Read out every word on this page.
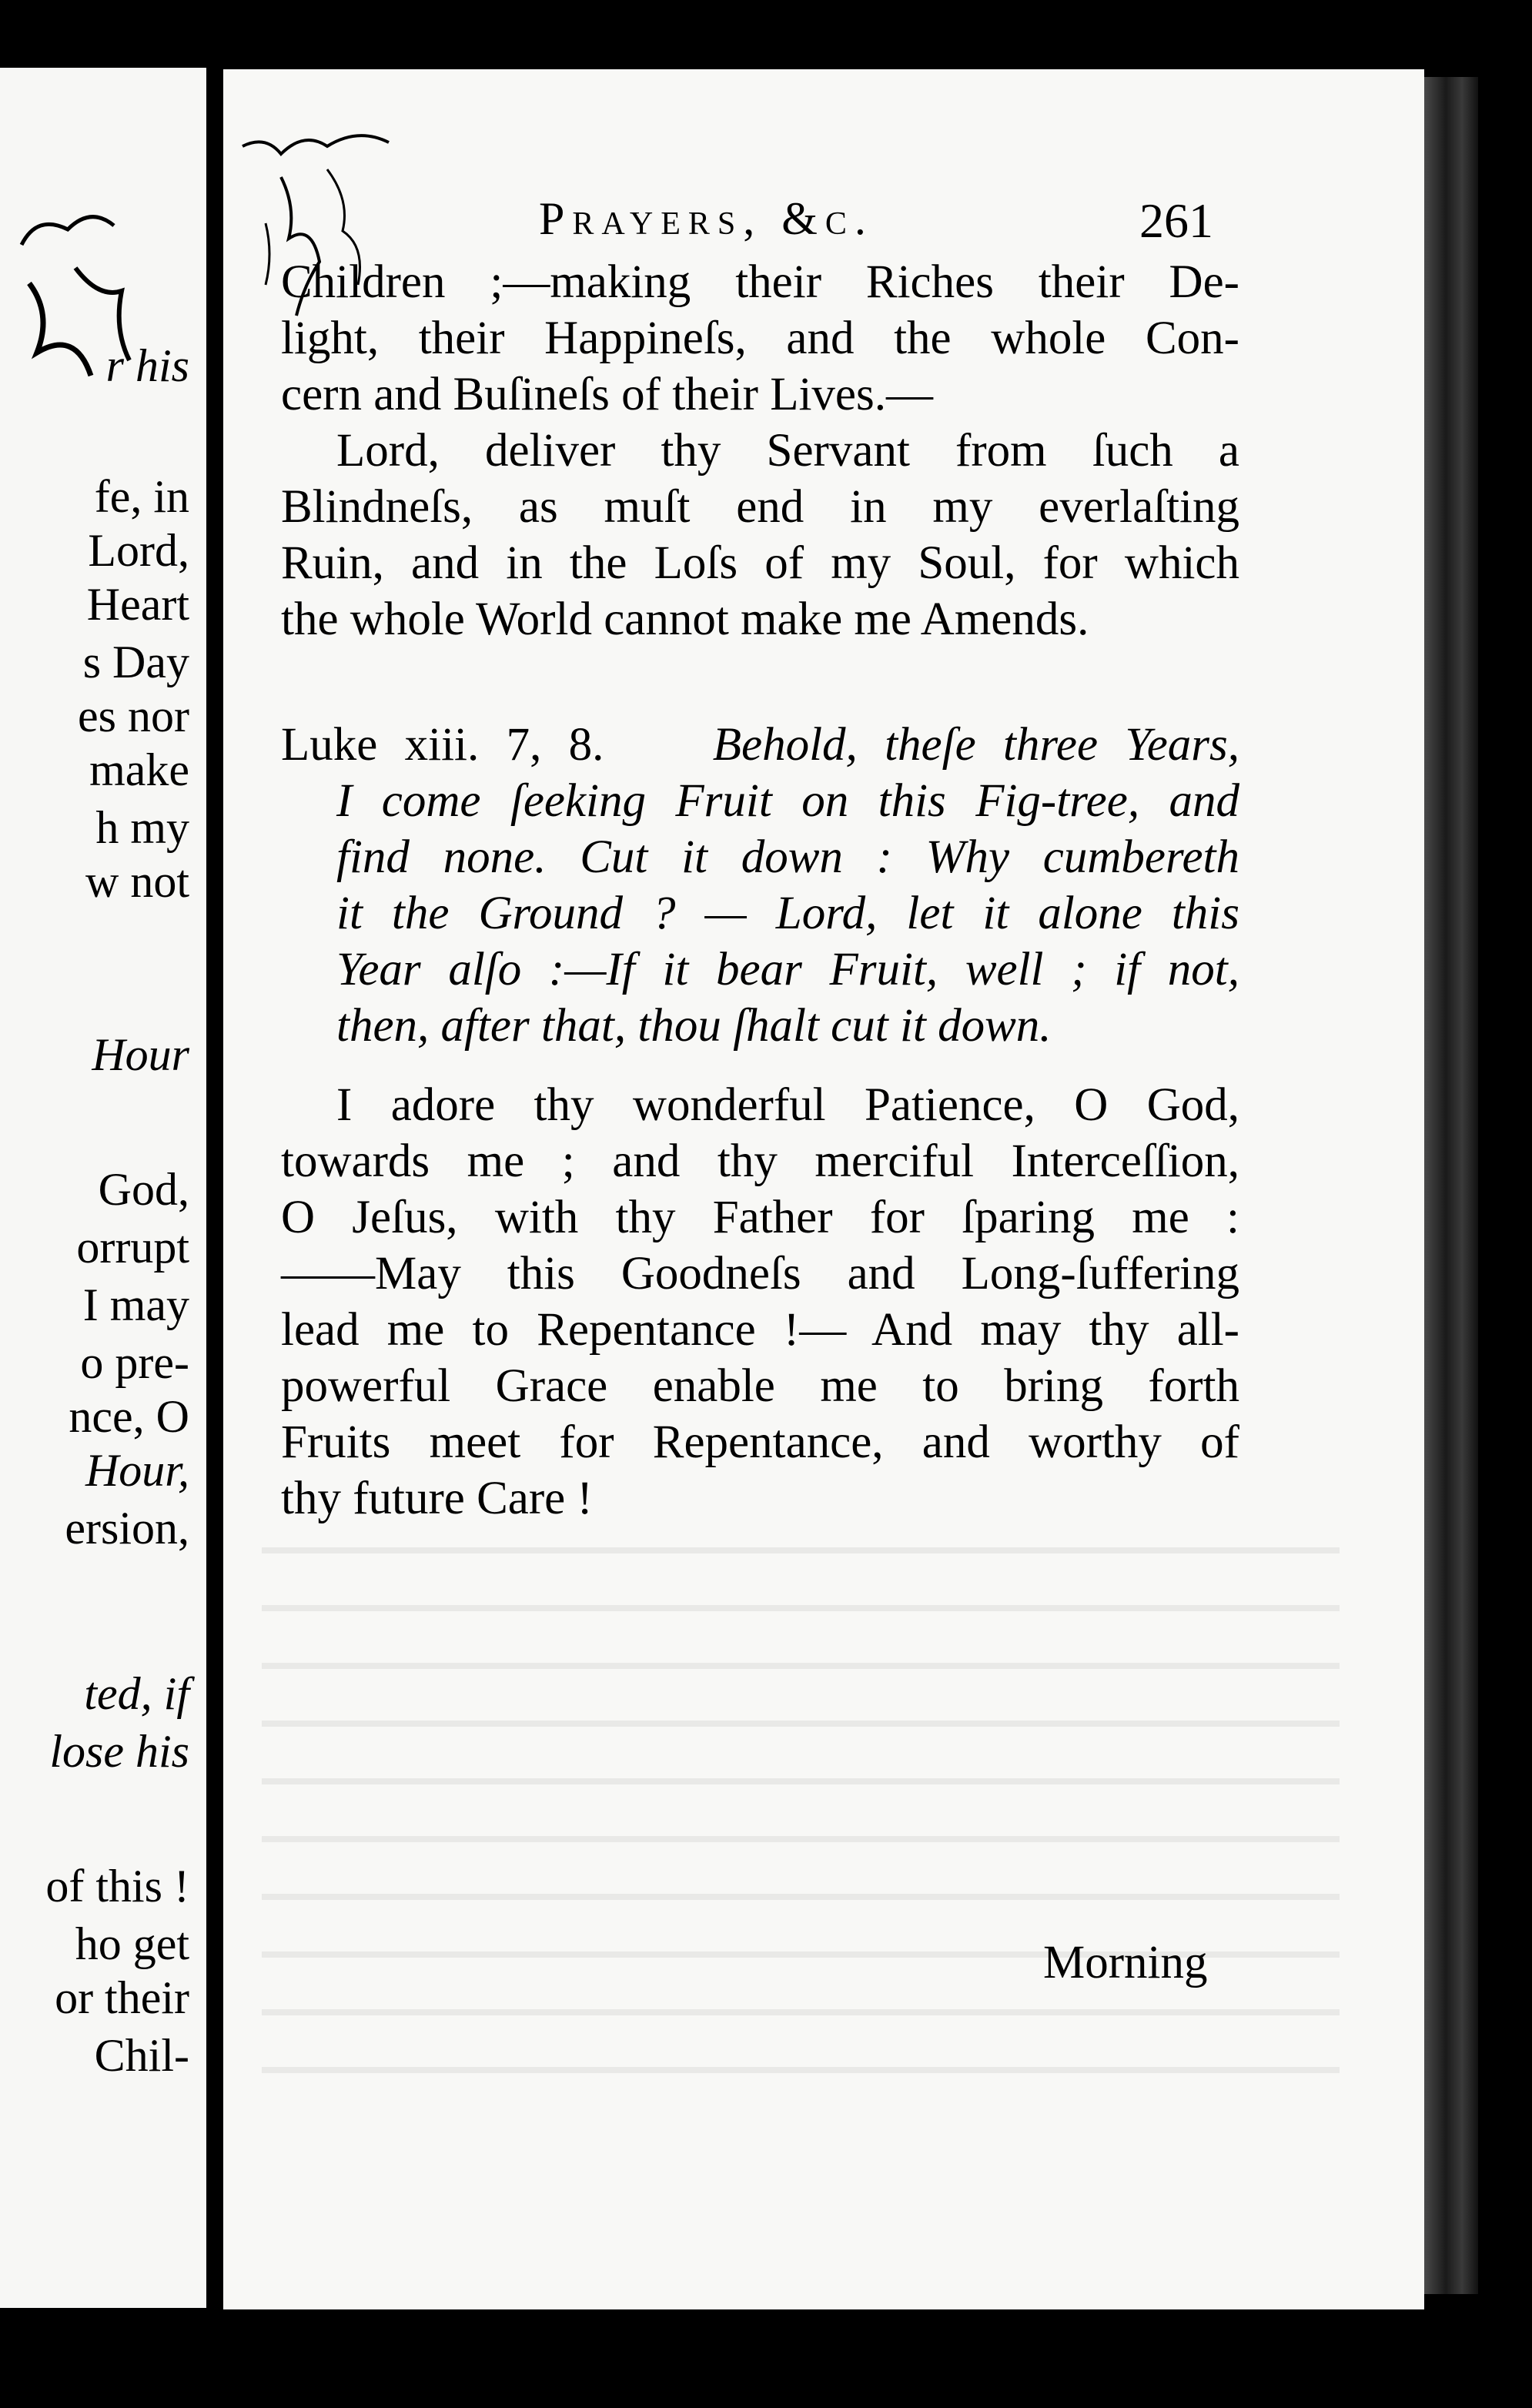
r his
fe, in
Lord,
Heart
s Day
es nor
make
h my
w not
Hour
God,
orrupt
I may
o pre-
nce, O
Hour,
ersion,
ted, if
lose his
of this !
ho get
or their
Chil-
Prayers, &c.	261
Children ;—making their Riches their De-
light, their Happineſs, and the whole Con-
cern and Buſineſs of their Lives.—
Lord, deliver thy Servant from ſuch a
Blindneſs, as muſt end in my everlaſting
Ruin, and in the Loſs of my Soul, for which
the whole World cannot make me Amends.
Luke xiii. 7, 8. Behold, theſe three Years,
I come ſeeking Fruit on this Fig-tree, and
find none. Cut it down : Why cumbereth
it the Ground ? — Lord, let it alone this
Year alſo :—If it bear Fruit, well ; if not,
then, after that, thou ſhalt cut it down.
I adore thy wonderful Patience, O God,
towards me ; and thy merciful Interceſſion,
O Jeſus, with thy Father for ſparing me :
——May this Goodneſs and Long-ſuffering
lead me to Repentance !— And may thy all-
powerful Grace enable me to bring forth
Fruits meet for Repentance, and worthy of
thy future Care !
Morning
